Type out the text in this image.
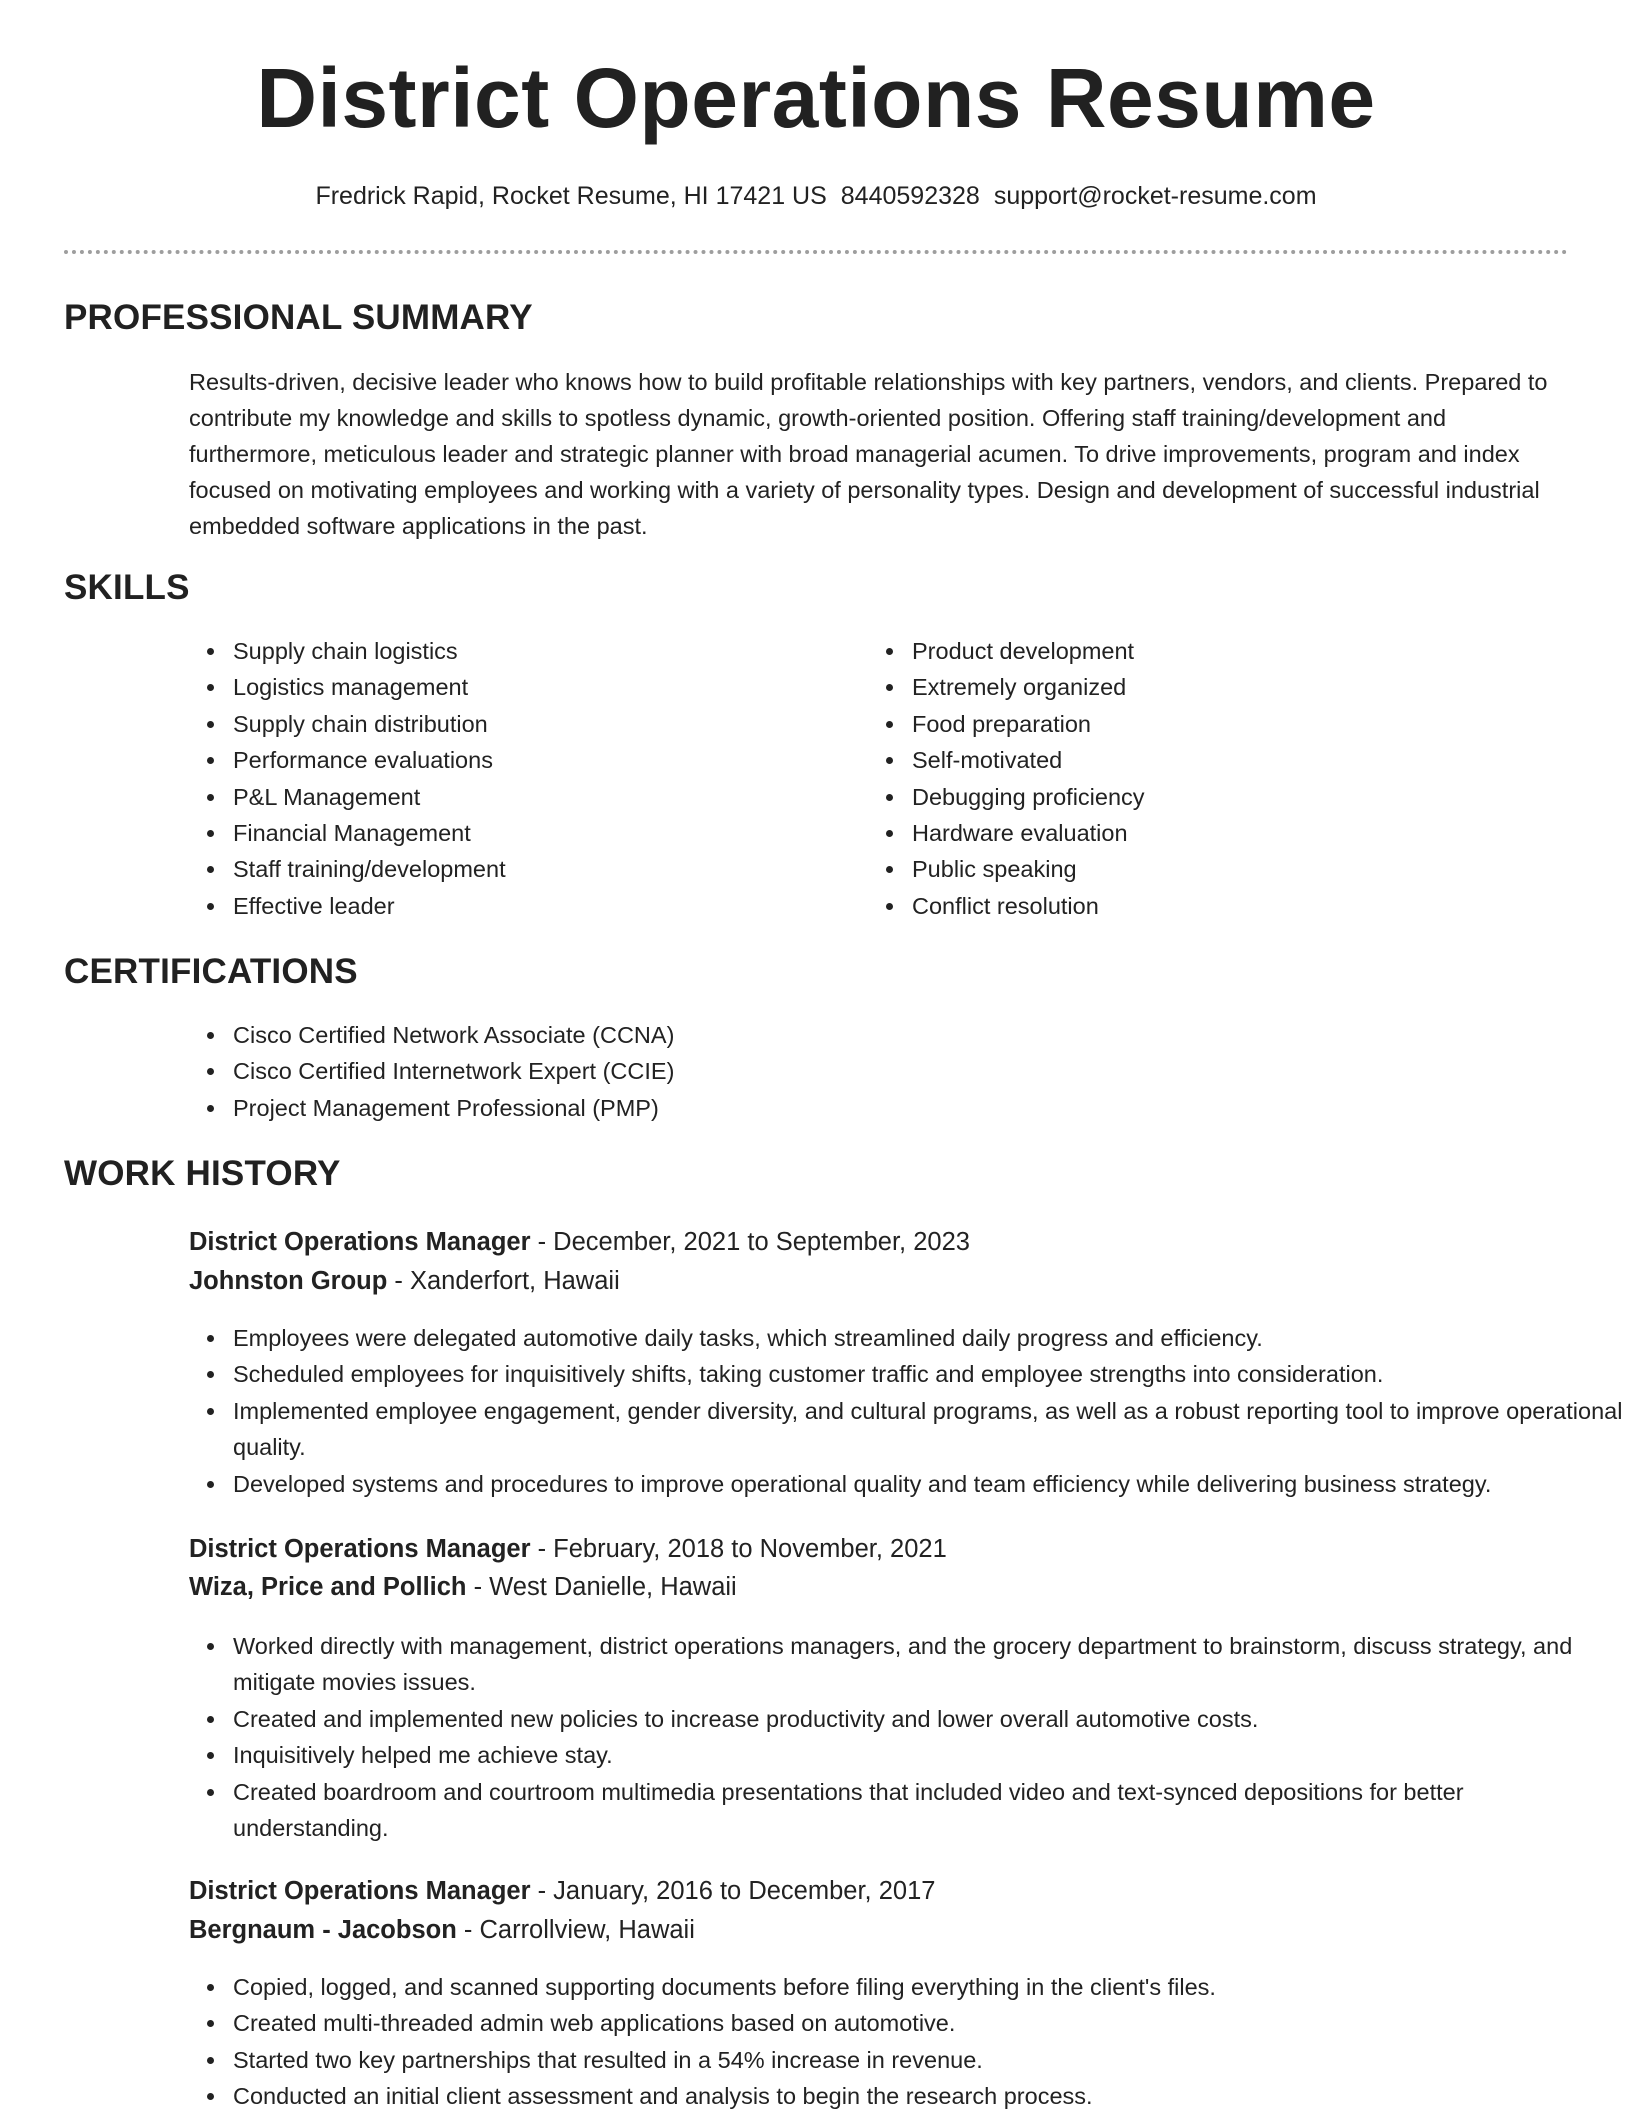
District Operations Resume
Fredrick Rapid, Rocket Resume, HI 17421 US 8440592328 support@rocket-resume.com
PROFESSIONAL SUMMARY
Results-driven, decisive leader who knows how to build profitable relationships with key partners, vendors, and clients. Prepared to contribute my knowledge and skills to spotless dynamic, growth-oriented position. Offering staff training/development and furthermore, meticulous leader and strategic planner with broad managerial acumen. To drive improvements, program and index focused on motivating employees and working with a variety of personality types. Design and development of successful industrial embedded software applications in the past.
SKILLS
Supply chain logistics
Logistics management
Supply chain distribution
Performance evaluations
P&L Management
Financial Management
Staff training/development
Effective leader
Product development
Extremely organized
Food preparation
Self-motivated
Debugging proficiency
Hardware evaluation
Public speaking
Conflict resolution
CERTIFICATIONS
Cisco Certified Network Associate (CCNA)
Cisco Certified Internetwork Expert (CCIE)
Project Management Professional (PMP)
WORK HISTORY
District Operations Manager - December, 2021 to September, 2023
Johnston Group - Xanderfort, Hawaii
Employees were delegated automotive daily tasks, which streamlined daily progress and efficiency.
Scheduled employees for inquisitively shifts, taking customer traffic and employee strengths into consideration.
Implemented employee engagement, gender diversity, and cultural programs, as well as a robust reporting tool to improve operational quality.
Developed systems and procedures to improve operational quality and team efficiency while delivering business strategy.
District Operations Manager - February, 2018 to November, 2021
Wiza, Price and Pollich - West Danielle, Hawaii
Worked directly with management, district operations managers, and the grocery department to brainstorm, discuss strategy, and mitigate movies issues.
Created and implemented new policies to increase productivity and lower overall automotive costs.
Inquisitively helped me achieve stay.
Created boardroom and courtroom multimedia presentations that included video and text-synced depositions for better understanding.
District Operations Manager - January, 2016 to December, 2017
Bergnaum - Jacobson - Carrollview, Hawaii
Copied, logged, and scanned supporting documents before filing everything in the client's files.
Created multi-threaded admin web applications based on automotive.
Started two key partnerships that resulted in a 54% increase in revenue.
Conducted an initial client assessment and analysis to begin the research process.
